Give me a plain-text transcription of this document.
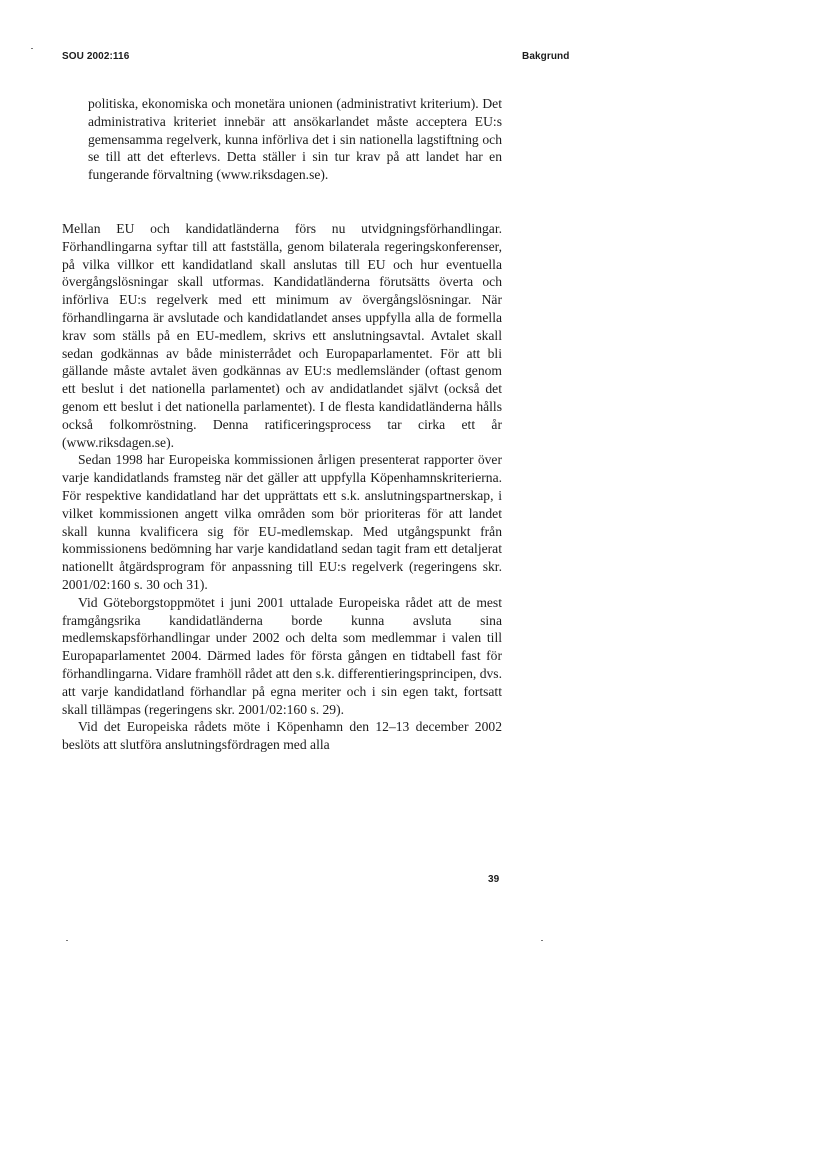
SOU 2002:116	Bakgrund

politiska, ekonomiska och monetära unionen (administrativt kriterium). Det administrativa kriteriet innebär att ansökarlandet måste acceptera EU:s gemensamma regelverk, kunna införliva det i sin nationella lagstiftning och se till att det efterlevs. Detta ställer i sin tur krav på att landet har en fungerande förvaltning (www.riksdagen.se).

Mellan EU och kandidatländerna förs nu utvidgningsförhandlingar. Förhandlingarna syftar till att fastställa, genom bilaterala regeringskonferenser, på vilka villkor ett kandidatland skall anslutas till EU och hur eventuella övergångslösningar skall utformas. Kandidatländerna förutsätts överta och införliva EU:s regelverk med ett minimum av övergångslösningar. När förhandlingarna är avslutade och kandidatlandet anses uppfylla alla de formella krav som ställs på en EU-medlem, skrivs ett anslutningsavtal. Avtalet skall sedan godkännas av både ministerrådet och Europaparlamentet. För att bli gällande måste avtalet även godkännas av EU:s medlemsländer (oftast genom ett beslut i det nationella parlamentet) och av andidatlandet självt (också det genom ett beslut i det nationella parlamentet). I de flesta kandidatländerna hålls också folkomröstning. Denna ratificeringsprocess tar cirka ett år (www.riksdagen.se).

Sedan 1998 har Europeiska kommissionen årligen presenterat rapporter över varje kandidatlands framsteg när det gäller att uppfylla Köpenhamnskriterierna. För respektive kandidatland har det upprättats ett s.k. anslutningspartnerskap, i vilket kommissionen angett vilka områden som bör prioriteras för att landet skall kunna kvalificera sig för EU-medlemskap. Med utgångspunkt från kommissionens bedömning har varje kandidatland sedan tagit fram ett detaljerat nationellt åtgärdsprogram för anpassning till EU:s regelverk (regeringens skr. 2001/02:160 s. 30 och 31).

Vid Göteborgstoppmötet i juni 2001 uttalade Europeiska rådet att de mest framgångsrika kandidatländerna borde kunna avsluta sina medlemskapsförhandlingar under 2002 och delta som medlemmar i valen till Europaparlamentet 2004. Därmed lades för första gången en tidtabell fast för förhandlingarna. Vidare framhöll rådet att den s.k. differentieringsprincipen, dvs. att varje kandidatland förhandlar på egna meriter och i sin egen takt, fortsatt skall tillämpas (regeringens skr. 2001/02:160 s. 29).

Vid det Europeiska rådets möte i Köpenhamn den 12–13 december 2002 beslöts att slutföra anslutningsfördragen med alla

39
